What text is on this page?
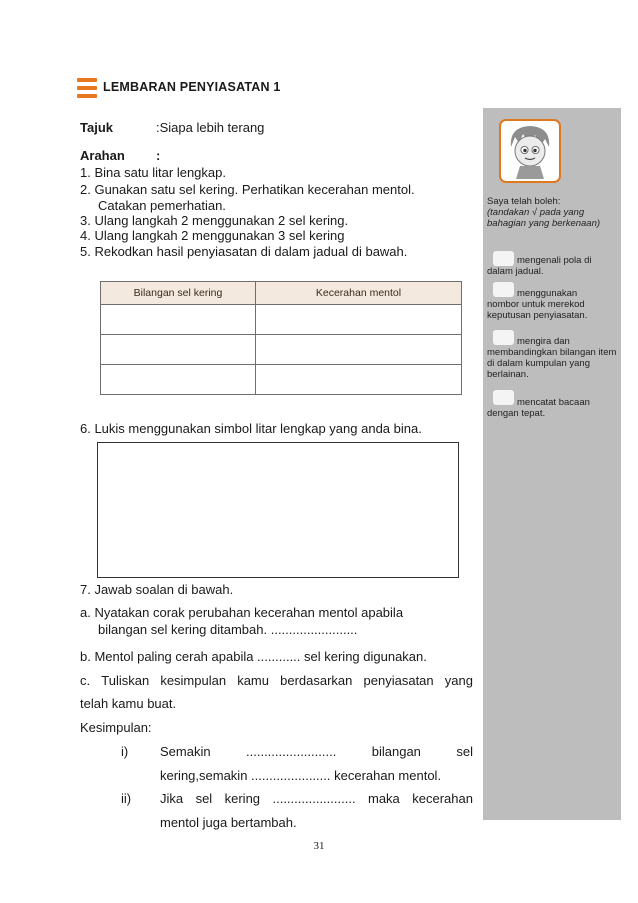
LEMBARAN PENYIASATAN 1
Tajuk	:Siapa lebih terang
Arahan :
1. Bina satu litar lengkap.
2. Gunakan satu sel kering. Perhatikan kecerahan mentol.
Catakan pemerhatian.
3. Ulang langkah 2 menggunakan 2 sel kering.
4. Ulang langkah 2 menggunakan 3 sel kering
5. Rekodkan hasil penyiasatan di dalam jadual di bawah.
Bilangan sel kering	Kecerahan mentol

6. Lukis menggunakan simbol litar lengkap yang anda bina.
7. Jawab soalan di bawah.
a. Nyatakan corak perubahan kecerahan mentol apabila
bilangan sel kering ditambah. ........................
b. Mentol paling cerah apabila ............ sel kering digunakan.
c. Tuliskan kesimpulan kamu berdasarkan penyiasatan yang
telah kamu buat.
Kesimpulan:
i) Semakin	.........................	bilangan	sel
kering,semakin ...................... kecerahan mentol.
ii) Jika sel kering ....................... maka kecerahan
mentol juga bertambah.
Saya telah boleh:
(tandakan √ pada yang bahagian yang berkenaan)
mengenali pola di
dalam jadual.
menggunakan
nombor untuk merekod keputusan penyiasatan.
mengira dan
membandingkan bilangan item di dalam kumpulan yang berlainan.
mencatat bacaan
dengan tepat.
31
